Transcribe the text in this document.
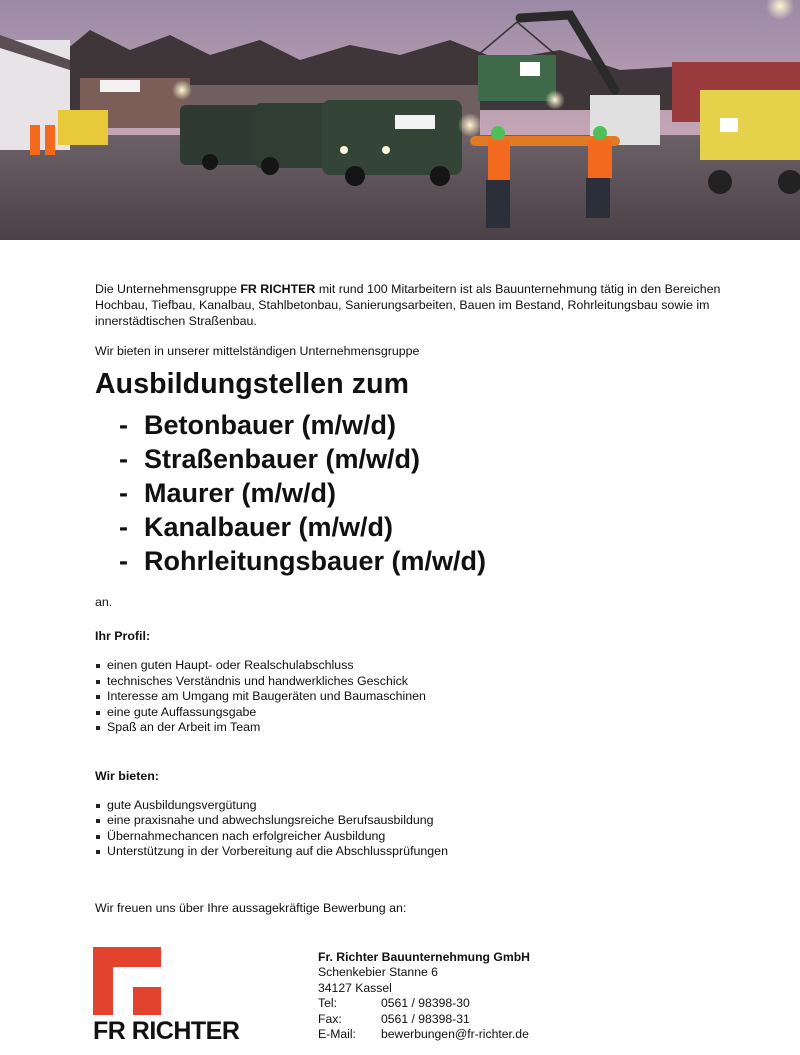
Die Unternehmensgruppe FR RICHTER mit rund 100 Mitarbeitern ist als Bauunternehmung tätig in den Bereichen Hochbau, Tiefbau, Kanalbau, Stahlbetonbau, Sanierungsarbeiten, Bauen im Bestand, Rohrleitungsbau sowie im innerstädtischen Straßenbau.

Wir bieten in unserer mittelständigen Unternehmensgruppe

Ausbildungstellen zum
- Betonbauer (m/w/d)
- Straßenbauer (m/w/d)
- Maurer (m/w/d)
- Kanalbauer (m/w/d)
- Rohrleitungsbauer (m/w/d)

an.

Ihr Profil:

einen guten Haupt- oder Realschulabschluss
technisches Verständnis und handwerkliches Geschick
Interesse am Umgang mit Baugeräten und Baumaschinen
eine gute Auffassungsgabe
Spaß an der Arbeit im Team

Wir bieten:

gute Ausbildungsvergütung
eine praxisnahe und abwechslungsreiche Berufsausbildung
Übernahmechancen nach erfolgreicher Ausbildung
Unterstützung in der Vorbereitung auf die Abschlussprüfungen

Wir freuen uns über Ihre aussagekräftige Bewerbung an:

FR RICHTER
Fr. Richter Bauunternehmung GmbH
Schenkebier Stanne 6
34127 Kassel
Tel:	0561 / 98398-30
Fax:	0561 / 98398-31
E-Mail:	bewerbungen@fr-richter.de
